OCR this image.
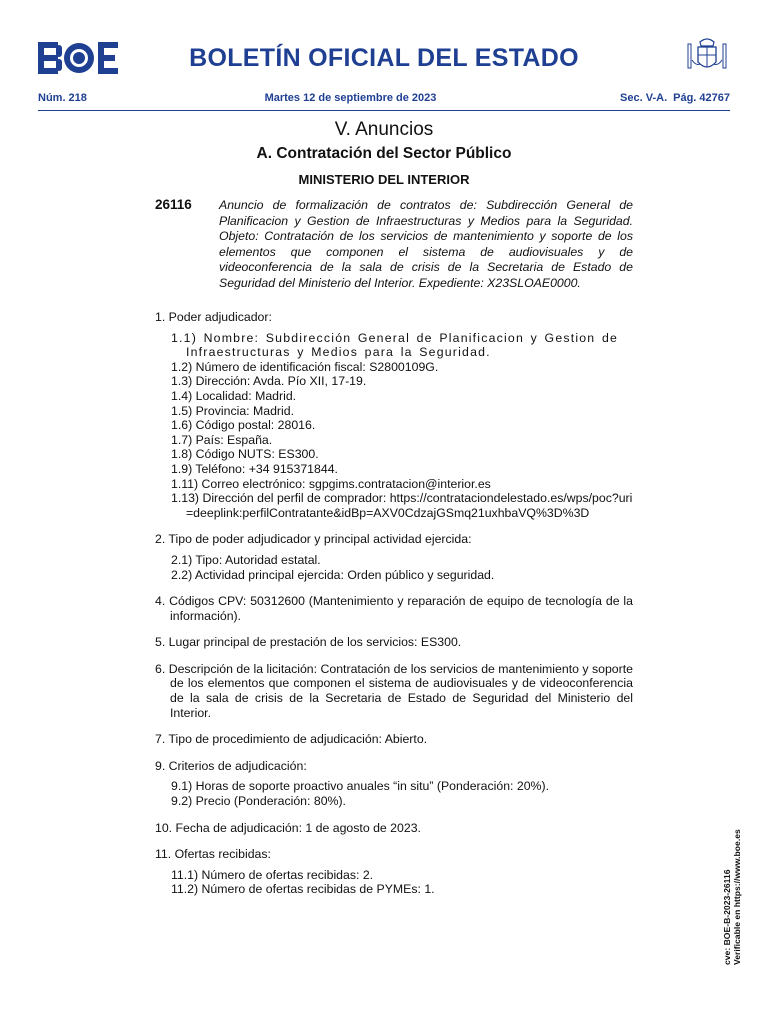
BOLETÍN OFICIAL DEL ESTADO
Núm. 218	Martes 12 de septiembre de 2023	Sec. V-A. Pág. 42767
V. Anuncios
A. Contratación del Sector Público
MINISTERIO DEL INTERIOR
26116 Anuncio de formalización de contratos de: Subdirección General de Planificacion y Gestion de Infraestructuras y Medios para la Seguridad. Objeto: Contratación de los servicios de mantenimiento y soporte de los elementos que componen el sistema de audiovisuales y de videoconferencia de la sala de crisis de la Secretaria de Estado de Seguridad del Ministerio del Interior. Expediente: X23SLOAE0000.
1. Poder adjudicador:
1.1) Nombre: Subdirección General de Planificacion y Gestion de Infraestructuras y Medios para la Seguridad.
1.2) Número de identificación fiscal: S2800109G.
1.3) Dirección: Avda. Pío XII, 17-19.
1.4) Localidad: Madrid.
1.5) Provincia: Madrid.
1.6) Código postal: 28016.
1.7) País: España.
1.8) Código NUTS: ES300.
1.9) Teléfono: +34 915371844.
1.11) Correo electrónico: sgpgims.contratacion@interior.es
1.13) Dirección del perfil de comprador: https://contrataciondelestado.es/wps/poc?uri=deeplink:perfilContratante&idBp=AXV0CdzajGSmq21uxhbaVQ%3D%3D
2. Tipo de poder adjudicador y principal actividad ejercida:
2.1) Tipo: Autoridad estatal.
2.2) Actividad principal ejercida: Orden público y seguridad.
4. Códigos CPV: 50312600 (Mantenimiento y reparación de equipo de tecnología de la información).
5. Lugar principal de prestación de los servicios: ES300.
6. Descripción de la licitación: Contratación de los servicios de mantenimiento y soporte de los elementos que componen el sistema de audiovisuales y de videoconferencia de la sala de crisis de la Secretaria de Estado de Seguridad del Ministerio del Interior.
7. Tipo de procedimiento de adjudicación: Abierto.
9. Criterios de adjudicación:
9.1) Horas de soporte proactivo anuales “in situ” (Ponderación: 20%).
9.2) Precio (Ponderación: 80%).
10. Fecha de adjudicación: 1 de agosto de 2023.
11. Ofertas recibidas:
11.1) Número de ofertas recibidas: 2.
11.2) Número de ofertas recibidas de PYMEs: 1.	cve: BOE-B-2023-26116 Verificable en https://www.boe.es
